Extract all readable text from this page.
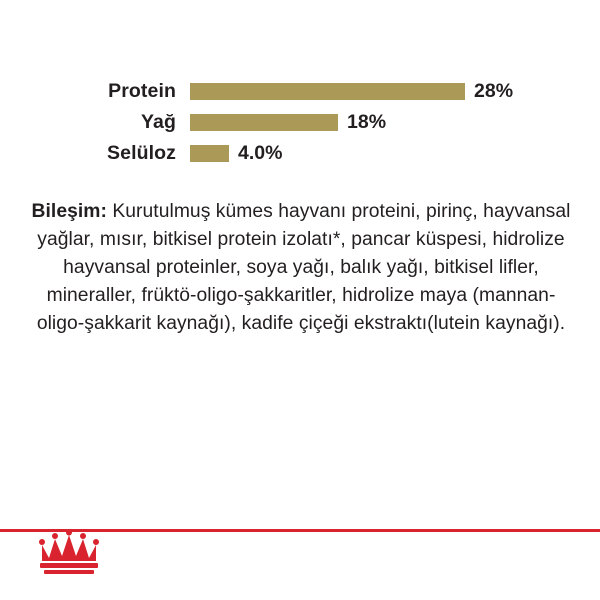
Protein	28%
Yağ	18%
Selüloz	4.0%
Bileşim: Kurutulmuş kümes hayvanı proteini, pirinç, hayvansal yağlar, mısır, bitkisel protein izolatı*, pancar küspesi, hidrolize hayvansal proteinler, soya yağı, balık yağı, bitkisel lifler, mineraller, früktö-oligo-şakkaritler, hidrolize maya (mannan-oligo-şakkarit kaynağı), kadife çiçeği ekstraktı(lutein kaynağı).
